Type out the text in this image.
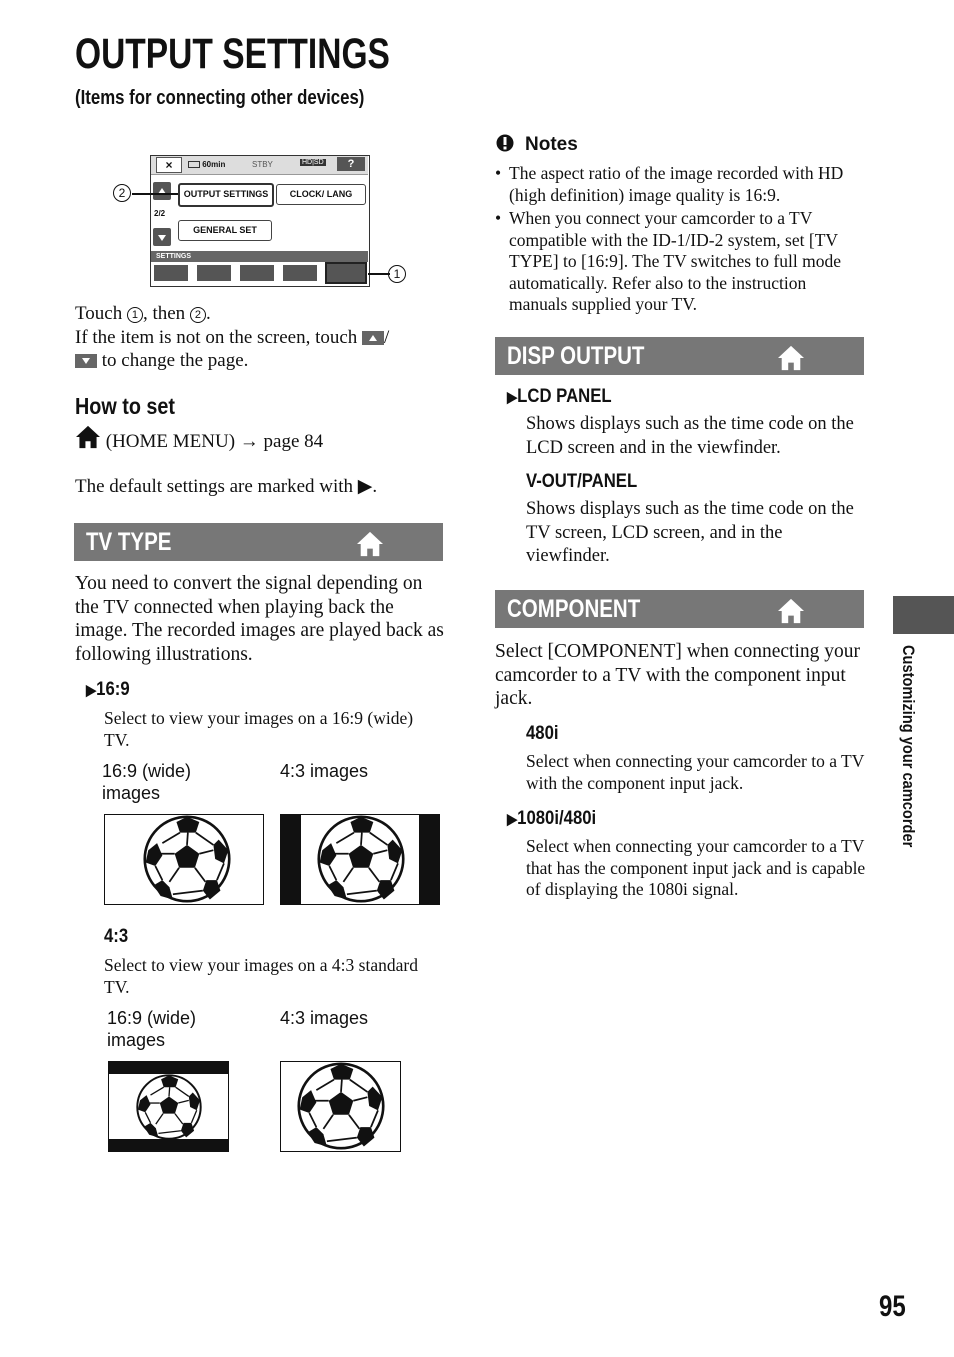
OUTPUT SETTINGS
(Items for connecting other devices)
×	60min	STBY	HD|SD	?
OUTPUT SETTINGS	CLOCK/ LANG
2/2
GENERAL SET
SETTINGS
2
1
Touch 1 , then 2 .
If the item is not on the screen, touch /
to change the page.
How to set
(HOME MENU) → page 84
The default settings are marked with ▶.
TV TYPE
You need to convert the signal depending on the TV connected when playing back the image. The recorded images are played back as following illustrations.
▶16:9
Select to view your images on a 16:9 (wide) TV.
16:9 (wide) images
4:3 images
4:3
Select to view your images on a 4:3 standard TV.
16:9 (wide) images
4:3 images
Notes
• The aspect ratio of the image recorded with HD (high definition) image quality is 16:9.
• When you connect your camcorder to a TV compatible with the ID-1/ID-2 system, set [TV TYPE] to [16:9]. The TV switches to full mode automatically. Refer also to the instruction manuals supplied your TV.
DISP OUTPUT
▶LCD PANEL
Shows displays such as the time code on the LCD screen and in the viewfinder.
V-OUT/PANEL
Shows displays such as the time code on the TV screen, LCD screen, and in the viewfinder.
COMPONENT
Select [COMPONENT] when connecting your camcorder to a TV with the component input jack.
480i
Select when connecting your camcorder to a TV with the component input jack.
▶1080i/480i
Select when connecting your camcorder to a TV that has the component input jack and is capable of displaying the 1080i signal.
Customizing your camcorder
95
